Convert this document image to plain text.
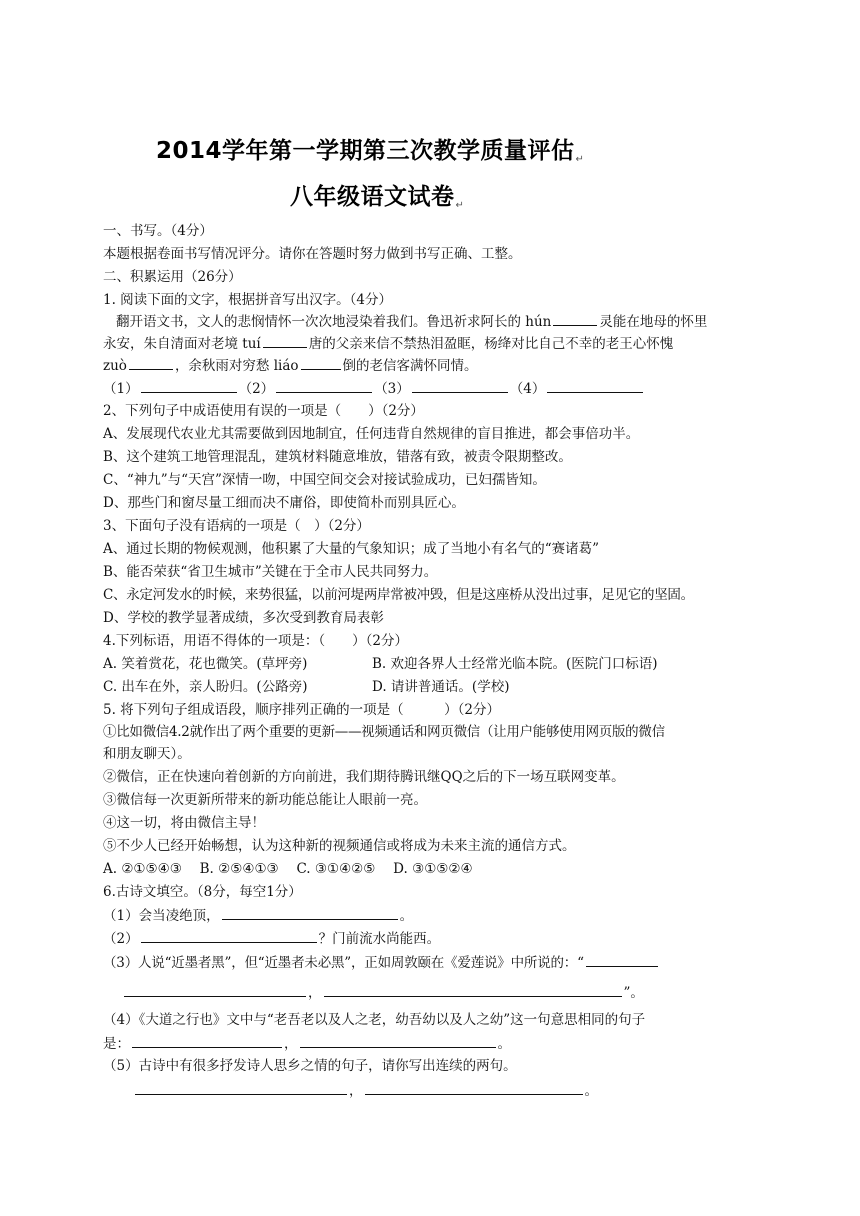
2014学年第一学期第三次教学质量评估↵
八年级语文试卷↵
一、书写。（4分）
本题根据卷面书写情况评分。请你在答题时努力做到书写正确、工整。
二、积累运用（26分）
1. 阅读下面的文字，根据拼音写出汉字。（4分）
翻开语文书，文人的悲悯情怀一次次地浸染着我们。鲁迅祈求阿长的 hún	灵能在地母的怀里
永安，朱自清面对老境 tuí	唐的父亲来信不禁热泪盈眶，杨绛对比自己不幸的老王心怀愧
zuò	，余秋雨对穷愁 liáo	倒的老信客满怀同情。
（1）	（2）	（3）	（4）
2、下列句子中成语使用有误的一项是（　　）（2分）
A、发展现代农业尤其需要做到因地制宜，任何违背自然规律的盲目推进，都会事倍功半。
B、这个建筑工地管理混乱，建筑材料随意堆放，错落有致，被责令限期整改。
C、“神九”与“天宫”深情一吻，中国空间交会对接试验成功，已妇孺皆知。
D、那些门和窗尽量工细而决不庸俗，即使简朴而别具匠心。
3、下面句子没有语病的一项是（　）（2分）
A、通过长期的物候观测，他积累了大量的气象知识；成了当地小有名气的“赛诸葛”
B、能否荣获“省卫生城市”关键在于全市人民共同努力。
C、永定河发水的时候，来势很猛，以前河堤两岸常被冲毁，但是这座桥从没出过事，足见它的坚固。
D、学校的教学显著成绩，多次受到教育局表彰
4.下列标语，用语不得体的一项是：（　　）（2分）
A. 笑着赏花，花也微笑。(草坪旁)	B. 欢迎各界人士经常光临本院。(医院门口标语)
C. 出车在外，亲人盼归。(公路旁)	D. 请讲普通话。(学校)
5. 将下列句子组成语段，顺序排列正确的一项是（　　　）（2分）
①比如微信4.2就作出了两个重要的更新——视频通话和网页微信（让用户能够使用网页版的微信
和朋友聊天）。
②微信，正在快速向着创新的方向前进，我们期待腾讯继QQ之后的下一场互联网变革。
③微信每一次更新所带来的新功能总能让人眼前一亮。
④这一切，将由微信主导！
⑤不少人已经开始畅想，认为这种新的视频通信或将成为未来主流的通信方式。
A. ②①⑤④③　 B. ②⑤④①③　 C. ③①④②⑤　 D. ③①⑤②④
6.古诗文填空。（8分，每空1分）
（1）会当凌绝顶，	。
（2）	？门前流水尚能西。
（3）人说“近墨者黑”，但“近墨者未必黑”，正如周敦颐在《爱莲说》中所说的：“
，	”。
（4）《大道之行也》文中与“老吾老以及人之老，幼吾幼以及人之幼”这一句意思相同的句子
是：	，	。
（5）古诗中有很多抒发诗人思乡之情的句子，请你写出连续的两句。
，	。
